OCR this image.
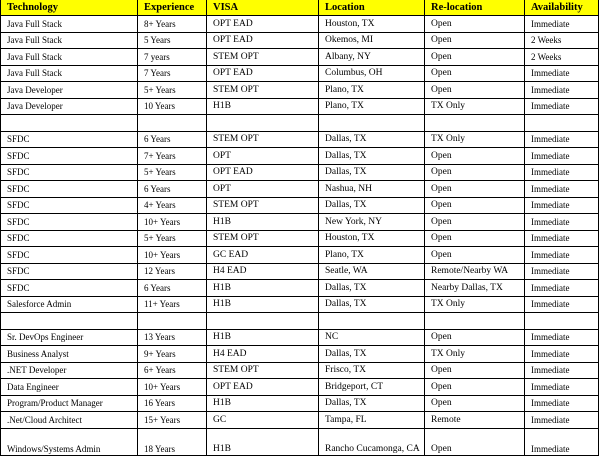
Technology	Experience	VISA	Location	Re-location	Availability
Java Full Stack	8+ Years	OPT EAD	Houston, TX	Open	Immediate
Java Full Stack	5 Years	OPT EAD	Okemos, MI	Open	2 Weeks
Java Full Stack	7 years	STEM OPT	Albany, NY	Open	2 Weeks
Java Full Stack	7 Years	OPT EAD	Columbus, OH	Open	Immediate
Java Developer	5+ Years	STEM OPT	Plano, TX	Open	Immediate
Java Developer	10 Years	H1B	Plano, TX	TX Only	Immediate

SFDC	6 Years	STEM OPT	Dallas, TX	TX Only	Immediate
SFDC	7+ Years	OPT	Dallas, TX	Open	Immediate
SFDC	5+ Years	OPT EAD	Dallas, TX	Open	Immediate
SFDC	6 Years	OPT	Nashua, NH	Open	Immediate
SFDC	4+ Years	STEM OPT	Dallas, TX	Open	Immediate
SFDC	10+ Years	H1B	New York, NY	Open	Immediate
SFDC	5+ Years	STEM OPT	Houston, TX	Open	Immediate
SFDC	10+ Years	GC EAD	Plano, TX	Open	Immediate
SFDC	12 Years	H4 EAD	Seatle, WA	Remote/Nearby WA	Immediate
SFDC	6 Years	H1B	Dallas, TX	Nearby Dallas, TX	Immediate
Salesforce Admin	11+ Years	H1B	Dallas, TX	TX Only	Immediate

Sr. DevOps Engineer	13 Years	H1B	NC	Open	Immediate
Business Analyst	9+ Years	H4 EAD	Dallas, TX	TX Only	Immediate
.NET Developer	6+ Years	STEM OPT	Frisco, TX	Open	Immediate
Data Engineer	10+ Years	OPT EAD	Bridgeport, CT	Open	Immediate
Program/Product Manager	16 Years	H1B	Dallas, TX	Open	Immediate
.Net/Cloud Architect	15+ Years	GC	Tampa, FL	Remote	Immediate
Windows/Systems Admin	18 Years	H1B	Rancho Cucamonga, CA	Open	Immediate
